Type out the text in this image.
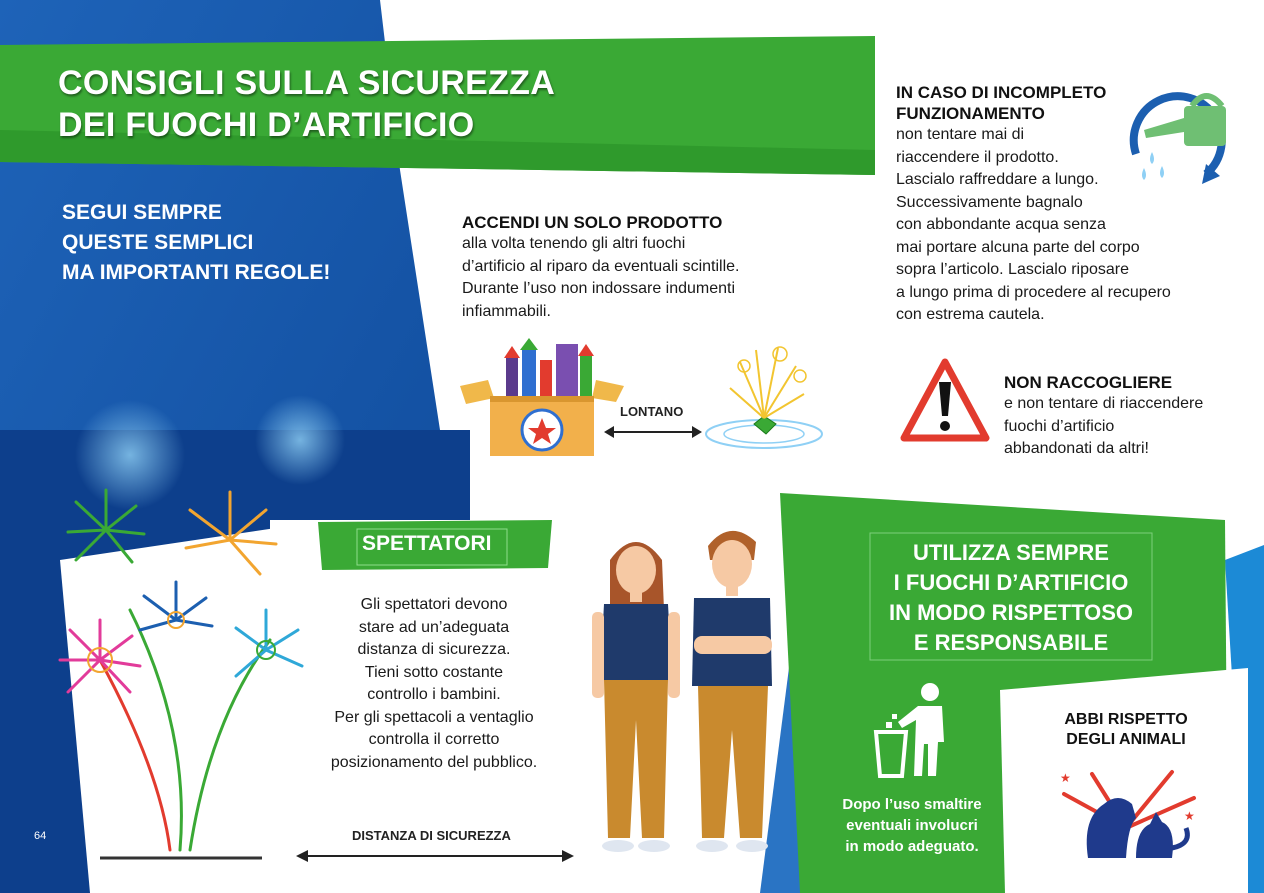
CONSIGLI SULLA SICUREZZA
DEI FUOCHI D’ARTIFICIO
SEGUI SEMPRE
QUESTE SEMPLICI
MA IMPORTANTI REGOLE!
ACCENDI UN SOLO PRODOTTO
alla volta tenendo gli altri fuochi
d’artificio al riparo da eventuali scintille.
Durante l’uso non indossare indumenti
infiammabili.
LONTANO
IN CASO DI INCOMPLETO
FUNZIONAMENTO
non tentare mai di
riaccendere il prodotto.
Lascialo raffreddare a lungo.
Successivamente bagnalo
con abbondante acqua senza
mai portare alcuna parte del corpo
sopra l’articolo. Lascialo riposare
a lungo prima di procedere al recupero
con estrema cautela.
NON RACCOGLIERE
e non tentare di riaccendere
fuochi d’artificio
abbandonati da altri!
SPETTATORI
Gli spettatori devono
stare ad un’adeguata
distanza di sicurezza.
Tieni sotto costante
controllo i bambini.
Per gli spettacoli a ventaglio
controlla il corretto
posizionamento del pubblico.
DISTANZA DI SICUREZZA
UTILIZZA SEMPRE
I FUOCHI D’ARTIFICIO
IN MODO RISPETTOSO
E RESPONSABILE
Dopo l’uso smaltire
eventuali involucri
in modo adeguato.
ABBI RISPETTO
DEGLI ANIMALI
★
★
64
